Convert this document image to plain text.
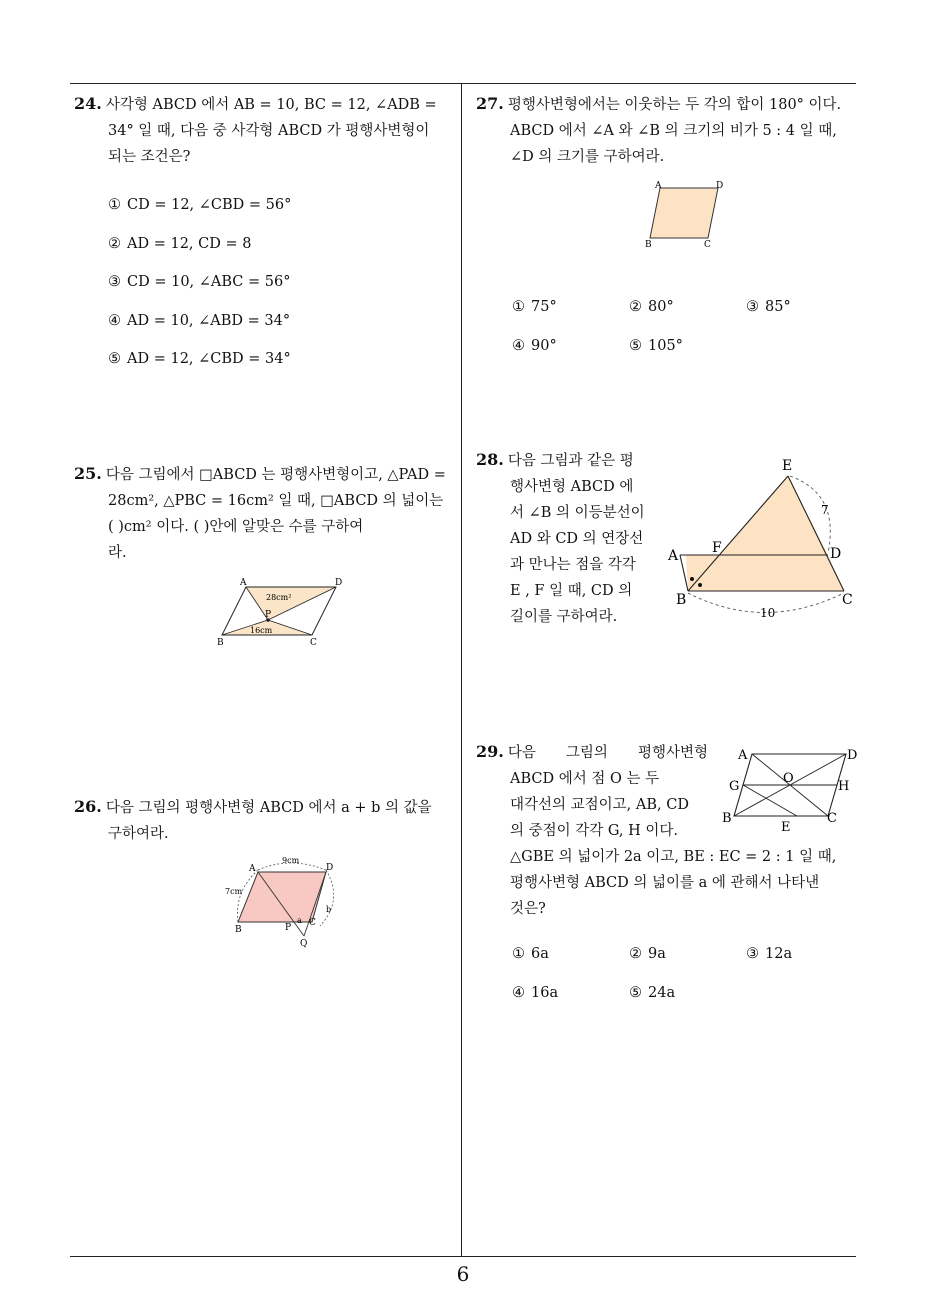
24. 사각형 ABCD 에서 AB = 10, BC = 12, ∠ADB =
34° 일 때, 다음 중 사각형 ABCD 가 평행사변형이
되는 조건은?
① CD = 12, ∠CBD = 56°
② AD = 12, CD = 8
③ CD = 10, ∠ABC = 56°
④ AD = 10, ∠ABD = 34°
⑤ AD = 12, ∠CBD = 34°
25. 다음 그림에서 □ABCD 는 평행사변형이고, △PAD =
28cm², △PBC = 16cm² 일 때, □ABCD 의 넓이는
( )cm² 이다. ( )안에 알맞은 수를 구하여
라.
A	D
B	C
P
28cm²
16cm
26. 다음 그림의 평행사변형 ABCD 에서 a + b 의 값을
구하여라.
A	D
B	P C
Q
9cm
7cm
a
b
27. 평행사변형에서는 이웃하는 두 각의 합이 180° 이다.
ABCD 에서 ∠A 와 ∠B 의 크기의 비가 5 : 4 일 때,
∠D 의 크기를 구하여라.
A	D
B	C
① 75°	② 80°	③ 85°
④ 90°	⑤ 105°
28. 다음 그림과 같은 평
행사변형 ABCD 에
서 ∠B 의 이등분선이
AD 와 CD 의 연장선
과 만나는 점을 각각
E , F 일 때, CD 의
길이를 구하여라.
E
F
A	D
B	C
7
10
29. 다음 그림의 평행사변형
ABCD 에서 점 O 는 두
대각선의 교점이고, AB, CD
의 중점이 각각 G, H 이다.
△GBE 의 넓이가 2a 이고, BE : EC = 2 : 1 일 때,
평행사변형 ABCD 의 넓이를 a 에 관해서 나타낸
것은?
A	D
G	H
O
B
E
C
① 6a	② 9a	③ 12a
④ 16a	⑤ 24a
6
